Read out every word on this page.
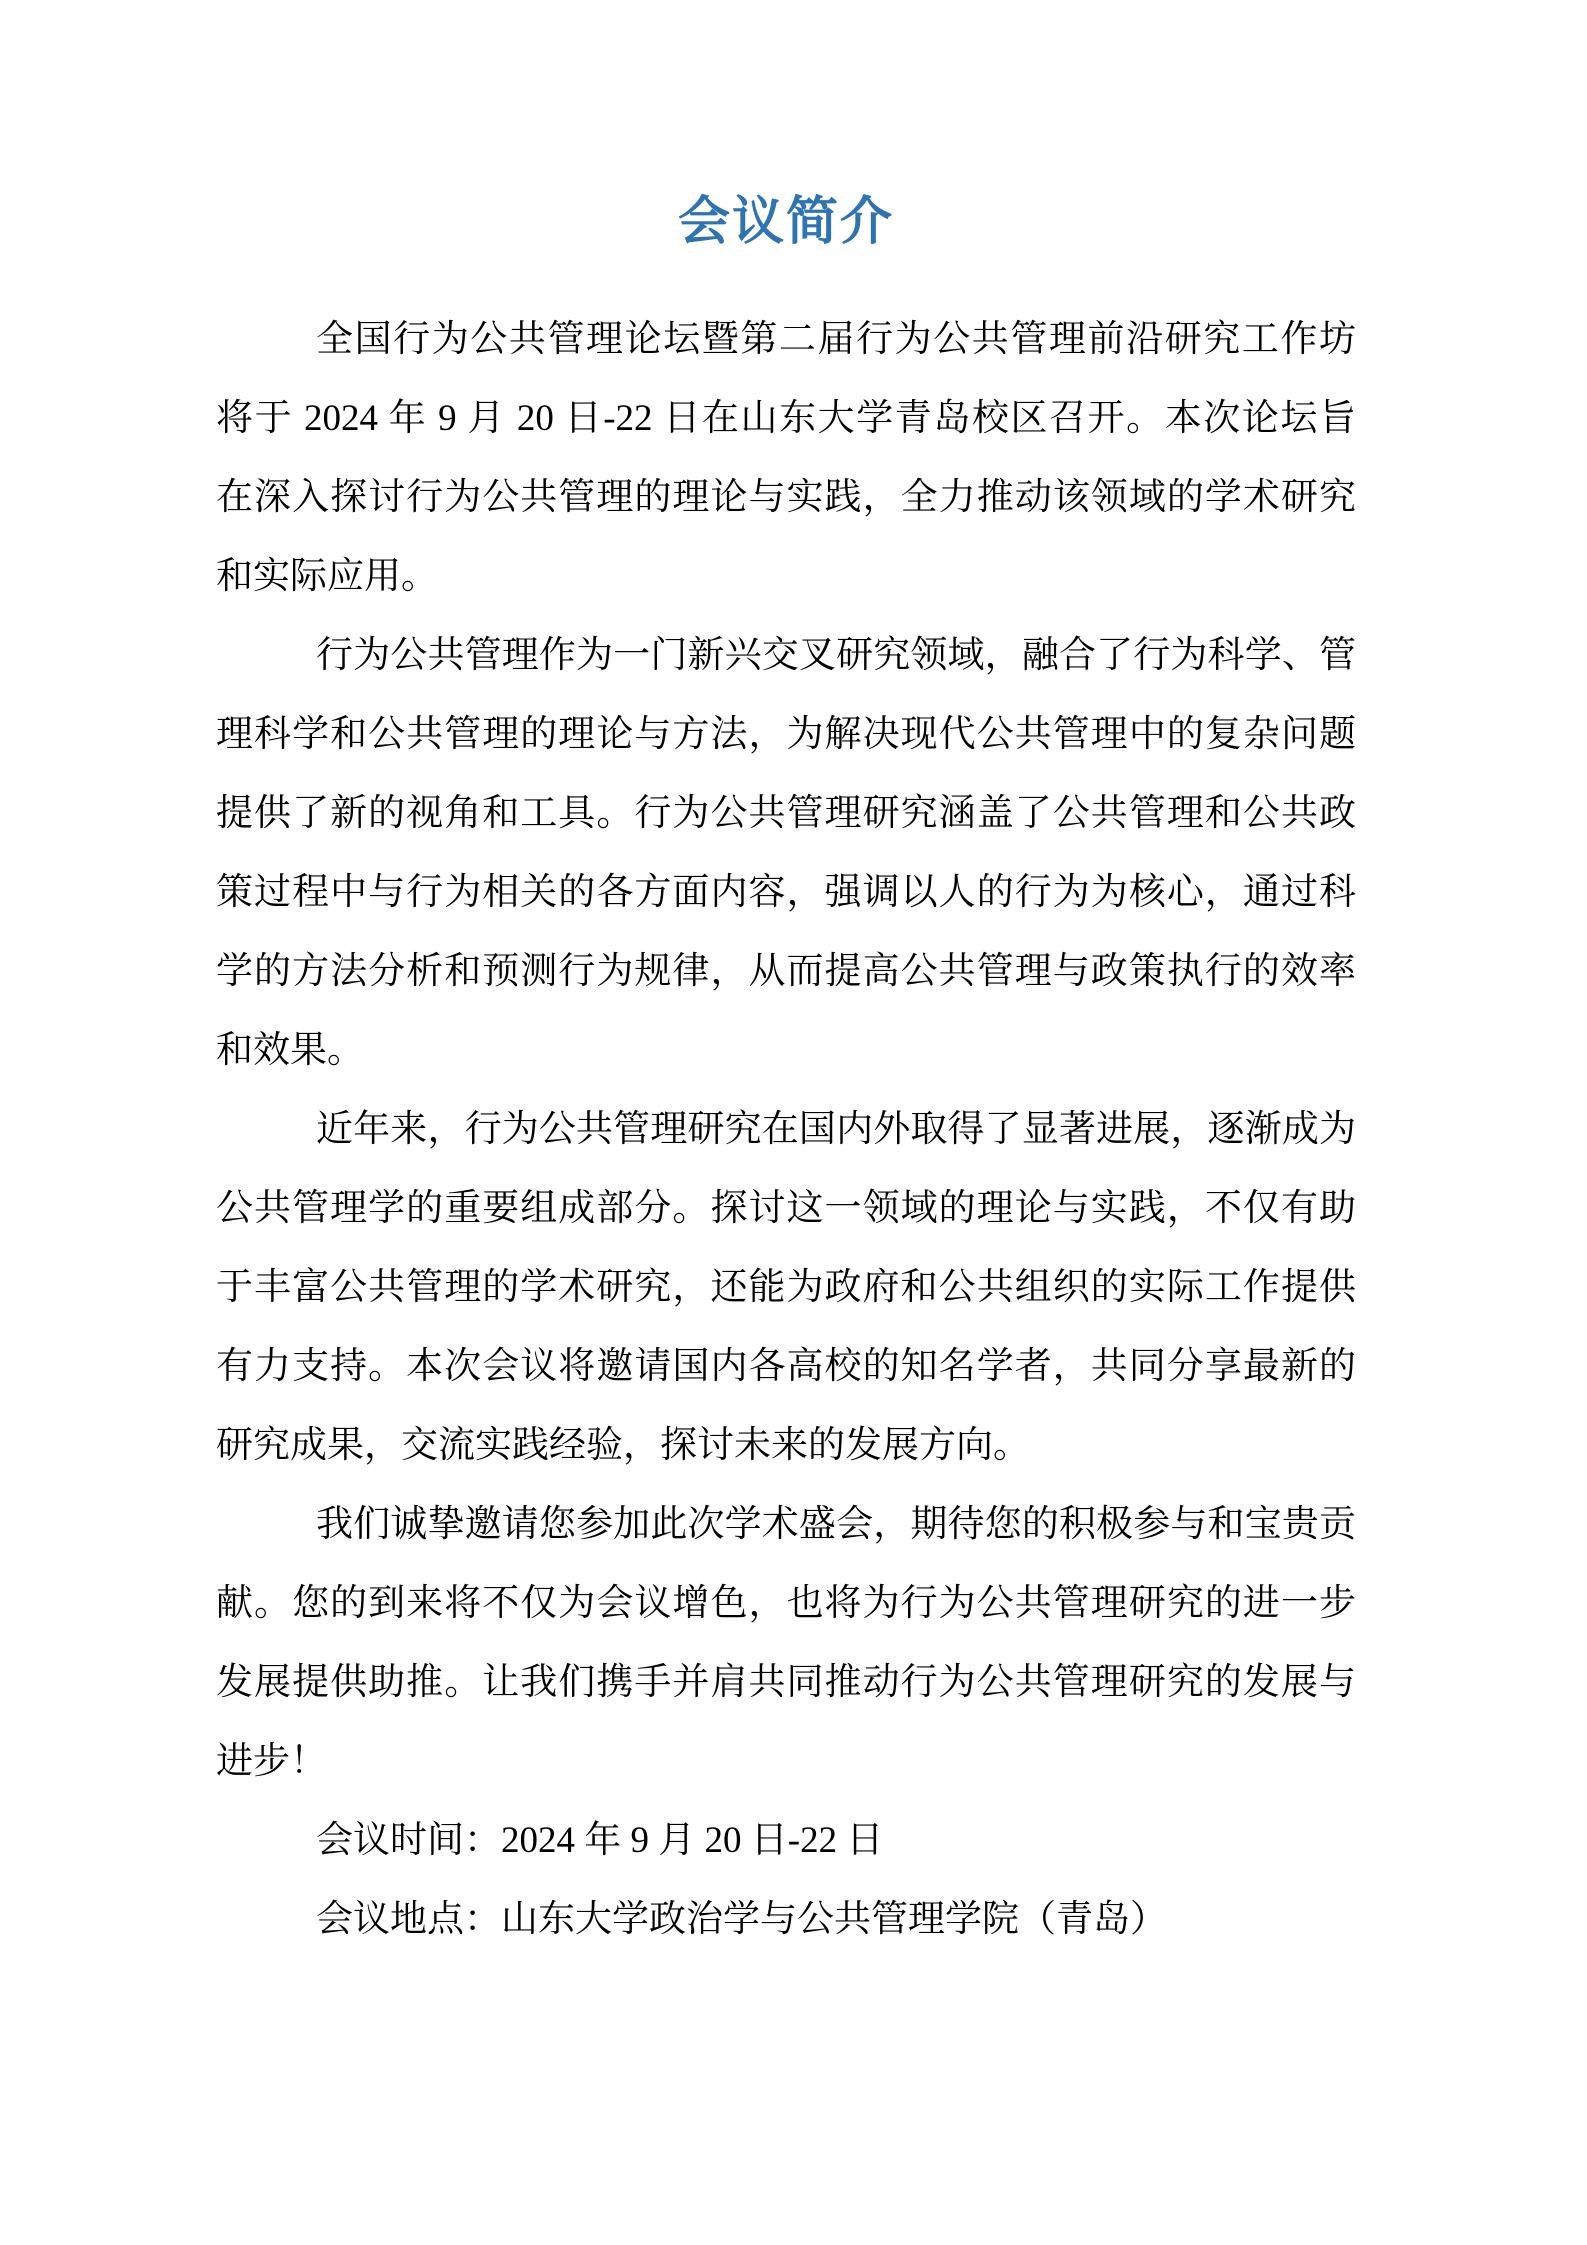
会议简介
全国行为公共管理论坛暨第二届行为公共管理前沿研究工作坊
将于 2024 年 9 月 20 日-22 日在山东大学青岛校区召开。本次论坛旨
在深入探讨行为公共管理的理论与实践，全力推动该领域的学术研究
和实际应用。
行为公共管理作为一门新兴交叉研究领域，融合了行为科学、管
理科学和公共管理的理论与方法，为解决现代公共管理中的复杂问题
提供了新的视角和工具。行为公共管理研究涵盖了公共管理和公共政
策过程中与行为相关的各方面内容，强调以人的行为为核心，通过科
学的方法分析和预测行为规律，从而提高公共管理与政策执行的效率
和效果。
近年来，行为公共管理研究在国内外取得了显著进展，逐渐成为
公共管理学的重要组成部分。探讨这一领域的理论与实践，不仅有助
于丰富公共管理的学术研究，还能为政府和公共组织的实际工作提供
有力支持。本次会议将邀请国内各高校的知名学者，共同分享最新的
研究成果，交流实践经验，探讨未来的发展方向。
我们诚挚邀请您参加此次学术盛会，期待您的积极参与和宝贵贡
献。您的到来将不仅为会议增色，也将为行为公共管理研究的进一步
发展提供助推。让我们携手并肩共同推动行为公共管理研究的发展与
进步！
会议时间：2024 年 9 月 20 日-22 日
会议地点：山东大学政治学与公共管理学院（青岛）
